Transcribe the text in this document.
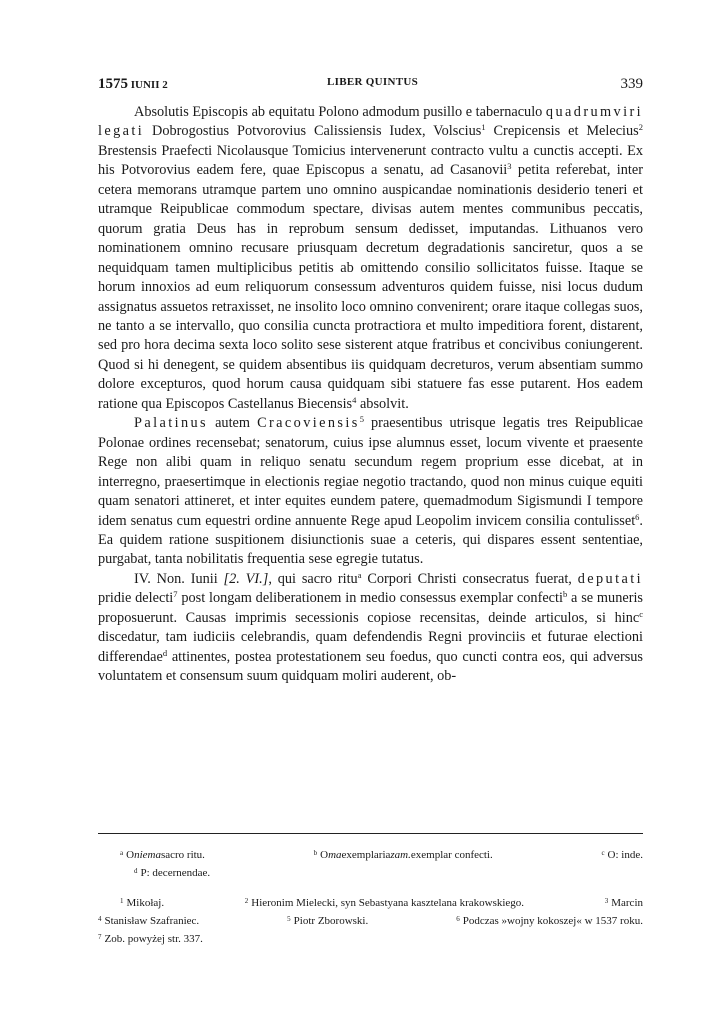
1575 IUNII 2	LIBER QUINTUS	339

Absolutis Episcopis ab equitatu Polono admodum pusillo e tabernaculo quadrumviri legati Dobrogostius Potvorovius Calissiensis Iudex, Volscius$^1$ Crepicensis et Melecius$^2$ Brestensis Praefecti Nicolausque Tomicius intervenerunt contracto vultu a cunctis accepti. Ex his Potvorovius eadem fere, quae Episcopus a senatu, ad Casanovii$^3$ petita referebat, inter cetera memorans utramque partem uno omnino auspicandae nominationis desiderio teneri et utramque Reipublicae commodum spectare, divisas autem mentes communibus peccatis, quorum gratia Deus has in reprobum sensum dedisset, imputandas. Lithuanos vero nominationem omnino recusare priusquam decretum degradationis sanciretur, quos a se nequidquam tamen multiplicibus petitis ab omittendo consilio sollicitatos fuisse. Itaque se horum innoxios ad eum reliquorum consessum adventuros quidem fuisse, nisi locus dudum assignatus assuetos retraxisset, ne insolito loco omnino convenirent; orare itaque collegas suos, ne tanto a se intervallo, quo consilia cuncta protractiora et multo impeditiora forent, distarent, sed pro hora decima sexta loco solito sese sisterent atque fratribus et concivibus coniungerent. Quod si hi denegent, se quidem absentibus iis quidquam decreturos, verum absentiam summo dolore excepturos, quod horum causa quidquam sibi statuere fas esse putarent. Hos eadem ratione qua Episcopos Castellanus Biecensis$^4$ absolvit.

Palatinus autem Cracoviensis$^5$ praesentibus utrisque legatis tres Reipublicae Polonae ordines recensebat; senatorum, cuius ipse alumnus esset, locum vivente et praesente Rege non alibi quam in reliquo senatu secundum regem proprium esse dicebat, at in interregno, praesertimque in electionis regiae negotio tractando, quod non minus cuique equiti quam senatori attineret, et inter equites eundem patere, quemadmodum Sigismundi I tempore idem senatus cum equestri ordine annuente Rege apud Leopolim invicem consilia contulisset$^6$. Ea quidem ratione suspitionem disiunctionis suae a ceteris, qui dispares essent sententiae, purgabat, tanta nobilitatis frequentia sese egregie tutatus.

IV. Non. Iunii [2. VI.], qui sacro ritu$^a$ Corpori Christi consecratus fuerat, deputati pridie delecti$^7$ post longam deliberationem in medio consessus exemplar confecti$^b$ a se muneris proposuerunt. Causas imprimis secessionis copiose recensitas, deinde articulos, si hinc$^c$ discedatur, tam iudiciis celebrandis, quam defendendis Regni provinciis et futurae electioni differendae$^d$ attinentes, postea protestationem seu foedus, quo cuncti contra eos, qui adversus voluntatem et consensum suum quidquam moliri auderent, ob-

$^a$ Oniemasacro ritu.	$^b$ Omaexemplariazam.exemplar confecti.	$^c$ O: inde.
$^d$ P: decernendae.
$^1$ Mikołaj.	$^2$ Hieronim Mielecki, syn Sebastyana kasztelana krakowskiego.	$^3$ Marcin
$^4$ Stanisław Szafraniec.	$^5$ Piotr Zborowski.	$^6$ Podczas »wojny kokoszej« w 1537 roku.
$^7$ Zob. powyżej str. 337.
